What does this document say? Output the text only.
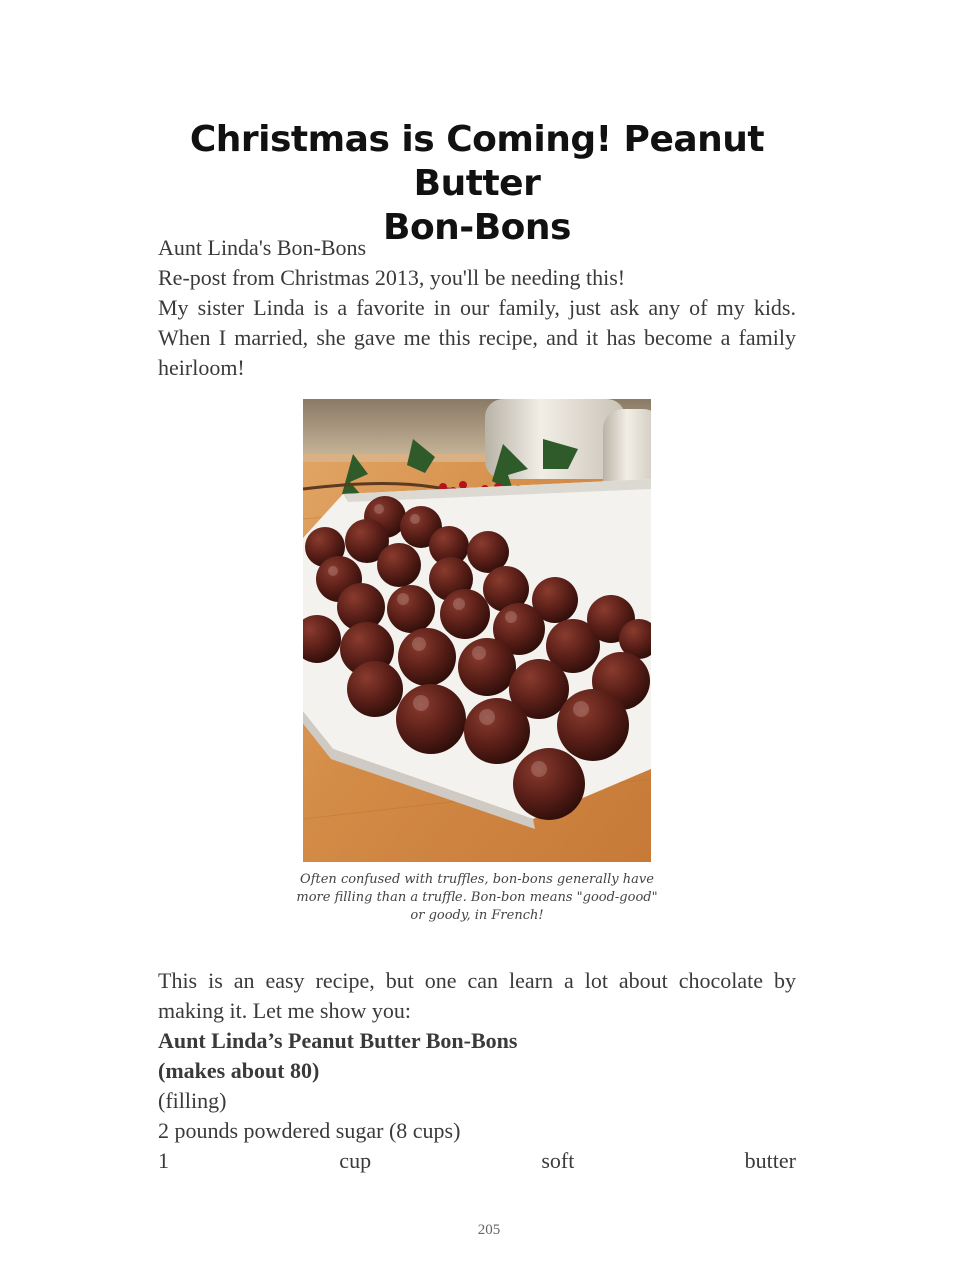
Christmas is Coming! Peanut Butter
Bon-Bons
Aunt Linda's Bon-Bons
Re-post from Christmas 2013, you'll be needing this!
My sister Linda is a favorite in our family, just ask any of my kids. When I married, she gave me this recipe, and it has become a family heirloom!

Often confused with truffles, bon-bons generally have more filling than a truffle. Bon-bon means "good-good" or goody, in French!

This is an easy recipe, but one can learn a lot about chocolate by making it. Let me show you:
Aunt Linda’s Peanut Butter Bon-Bons
(makes about 80)
(filling)
2 pounds powdered sugar (8 cups)
1 cup soft butter
205
